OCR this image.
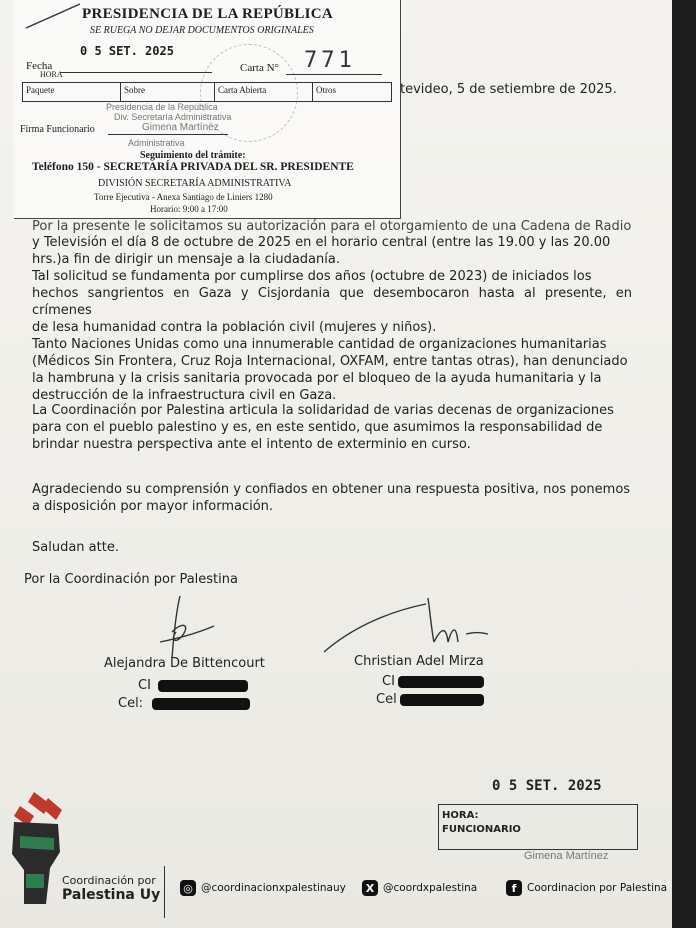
PRESIDENCIA DE LA REPÚBLICA
SE RUEGA NO DEJAR DOCUMENTOS ORIGINALES
0 5 SET. 2025
Fecha
HORA
Carta N° 771
Paquete	Sobre	Carta Abierta	Otros
Presidencia de la República
Div. Secretaría Administrativa
Firma Funcionario	Gimena Martínez
Administrativa
Seguimiento del trámite:
Teléfono 150 - SECRETARÍA PRIVADA DEL SR. PRESIDENTE
DIVISIÓN SECRETARÍA ADMINISTRATIVA
Torre Ejecutiva - Anexa Santiago de Liniers 1280
Horario: 9:00 a 17:00
tevideo, 5 de setiembre de 2025.
Por la presente le solicitamos su autorización para el otorgamiento de una Cadena de Radio
y Televisión el día 8 de octubre de 2025 en el horario central (entre las 19.00 y las 20.00
hrs.)a fin de dirigir un mensaje a la ciudadanía.
Tal solicitud se fundamenta por cumplirse dos años (octubre de 2023) de iniciados los
hechos sangrientos en Gaza y Cisjordania que desembocaron hasta al presente, en crímenes
de lesa humanidad contra la población civil (mujeres y niños).
Tanto Naciones Unidas como una innumerable cantidad de organizaciones humanitarias
(Médicos Sin Frontera, Cruz Roja Internacional, OXFAM, entre tantas otras), han denunciado
la hambruna y la crisis sanitaria provocada por el bloqueo de la ayuda humanitaria y la
destrucción de la infraestructura civil en Gaza.
La Coordinación por Palestina articula la solidaridad de varias decenas de organizaciones
para con el pueblo palestino y es, en este sentido, que asumimos la responsabilidad de
brindar nuestra perspectiva ante el intento de exterminio en curso.
Agradeciendo su comprensión y confiados en obtener una respuesta positiva, nos ponemos
a disposición por mayor información.
Saludan atte.
Por la Coordinación por Palestina
Alejandra De Bittencourt
CI
Cel:
Christian Adel Mirza
CI
Cel
0 5 SET. 2025
HORA:
FUNCIONARIO
Gimena Martínez
Coordinación por
Palestina Uy ◎ @coordinacionxpalestinauy	X @coordxpalestina	f	Coordinacion por Palestina
